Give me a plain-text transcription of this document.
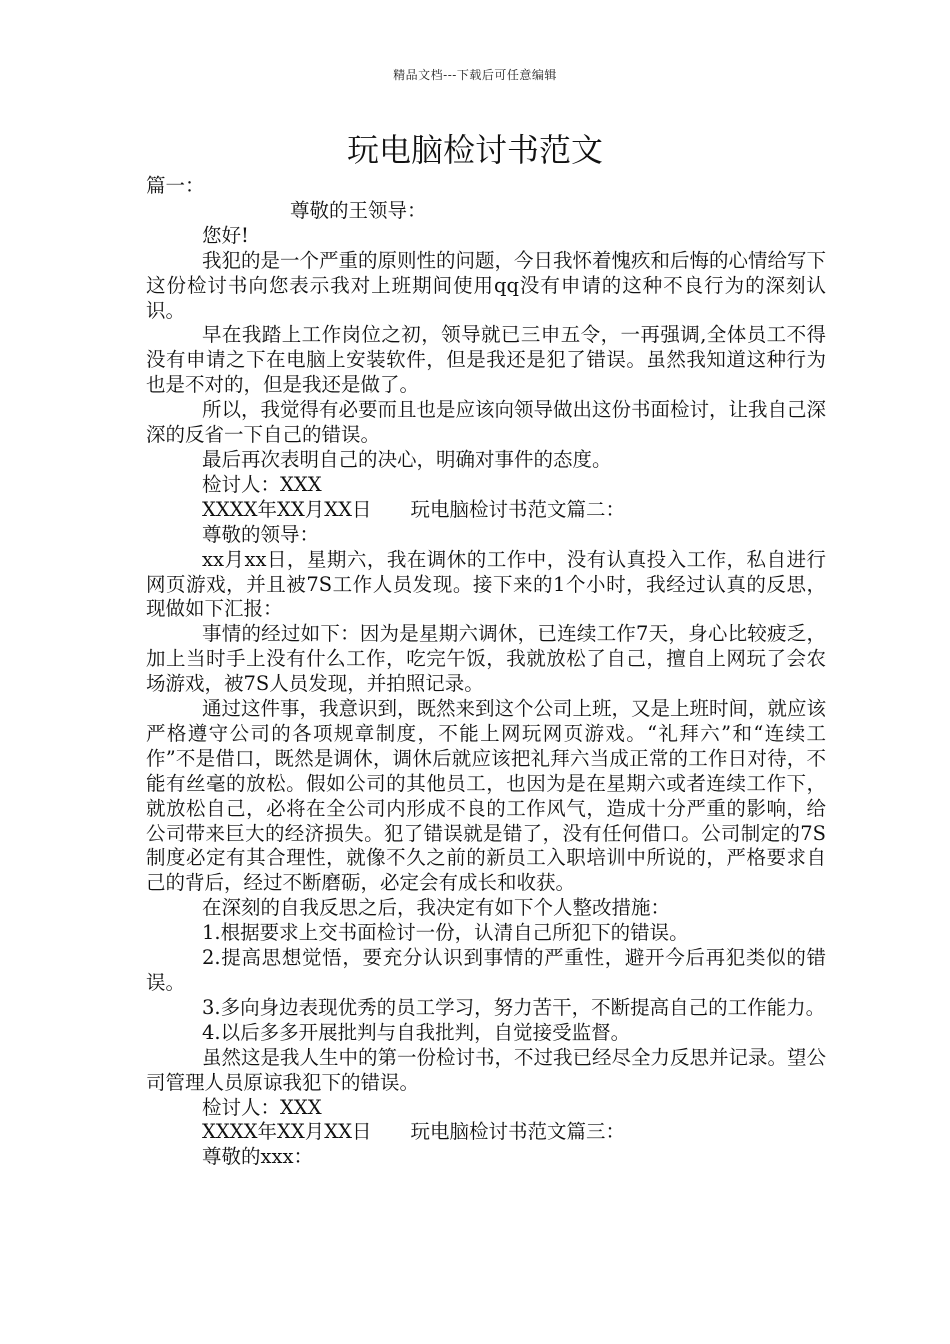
精品文档---下载后可任意编辑
玩电脑检讨书范文

篇一：

尊敬的王领导：

您好!

我犯的是一个严重的原则性的问题，今日我怀着愧疚和后悔的心情给写下这份检讨书向您表示我对上班期间使用qq没有申请的这种不良行为的深刻认识。

早在我踏上工作岗位之初，领导就已三申五令，一再强调,全体员工不得没有申请之下在电脑上安装软件，但是我还是犯了错误。虽然我知道这种行为也是不对的，但是我还是做了。

所以，我觉得有必要而且也是应该向领导做出这份书面检讨，让我自己深深的反省一下自己的错误。

最后再次表明自己的决心，明确对事件的态度。

检讨人：XXX

XXXX年XX月XX日　　玩电脑检讨书范文篇二：

尊敬的领导：

xx月xx日，星期六，我在调休的工作中，没有认真投入工作，私自进行网页游戏，并且被7S工作人员发现。接下来的1个小时，我经过认真的反思，现做如下汇报：

事情的经过如下：因为是星期六调休，已连续工作7天，身心比较疲乏，加上当时手上没有什么工作，吃完午饭，我就放松了自己，擅自上网玩了会农场游戏，被7S人员发现，并拍照记录。

通过这件事，我意识到，既然来到这个公司上班，又是上班时间，就应该严格遵守公司的各项规章制度，不能上网玩网页游戏。“礼拜六”和“连续工作”不是借口，既然是调休，调休后就应该把礼拜六当成正常的工作日对待，不能有丝毫的放松。假如公司的其他员工，也因为是在星期六或者连续工作下，就放松自己，必将在全公司内形成不良的工作风气，造成十分严重的影响，给公司带来巨大的经济损失。犯了错误就是错了，没有任何借口。公司制定的7S制度必定有其合理性，就像不久之前的新员工入职培训中所说的，严格要求自己的背后，经过不断磨砺，必定会有成长和收获。

在深刻的自我反思之后，我决定有如下个人整改措施：

1.根据要求上交书面检讨一份，认清自己所犯下的错误。

2.提高思想觉悟，要充分认识到事情的严重性，避开今后再犯类似的错误。

3.多向身边表现优秀的员工学习，努力苦干，不断提高自己的工作能力。

4.以后多多开展批判与自我批判，自觉接受监督。

虽然这是我人生中的第一份检讨书，不过我已经尽全力反思并记录。望公司管理人员原谅我犯下的错误。

检讨人：XXX

XXXX年XX月XX日　　玩电脑检讨书范文篇三：

尊敬的xxx：
